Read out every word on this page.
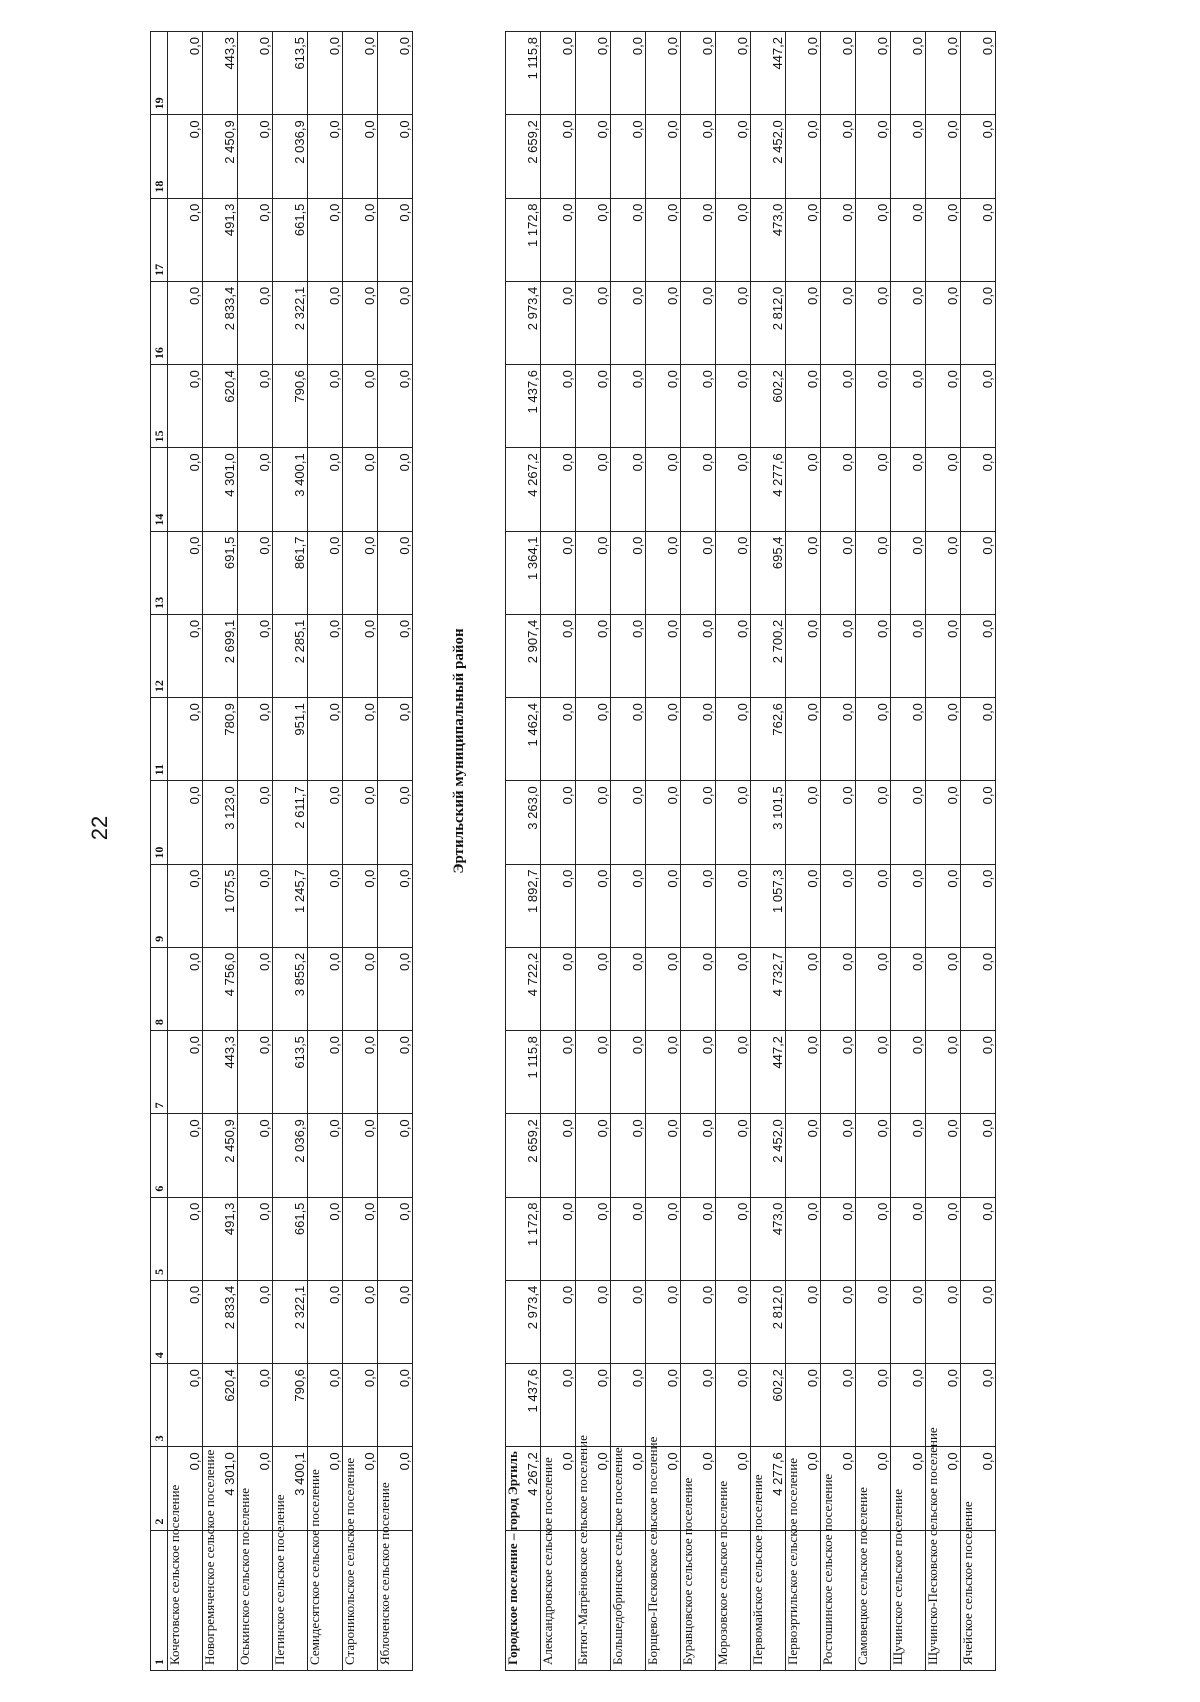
22
1	2	3	4	5	6	7	8	9	10	11	12	13	14	15	16	17	18	19
Кочетовское сельское поселение	0,0	0,0	0,0	0,0	0,0	0,0	0,0	0,0	0,0	0,0	0,0	0,0	0,0	0,0	0,0	0,0	0,0	0,0
Новогремяченское сельское поселение	4 301,0	620,4	2 833,4	491,3	2 450,9	443,3	4 756,0	1 075,5	3 123,0	780,9	2 699,1	691,5	4 301,0	620,4	2 833,4	491,3	2 450,9	443,3
Оськинское сельское поселение	0,0	0,0	0,0	0,0	0,0	0,0	0,0	0,0	0,0	0,0	0,0	0,0	0,0	0,0	0,0	0,0	0,0	0,0
Петинское сельское поселение	3 400,1	790,6	2 322,1	661,5	2 036,9	613,5	3 855,2	1 245,7	2 611,7	951,1	2 285,1	861,7	3 400,1	790,6	2 322,1	661,5	2 036,9	613,5
Семидесятское сельское поселение	0,0	0,0	0,0	0,0	0,0	0,0	0,0	0,0	0,0	0,0	0,0	0,0	0,0	0,0	0,0	0,0	0,0	0,0
Староникольское сельское поселение	0,0	0,0	0,0	0,0	0,0	0,0	0,0	0,0	0,0	0,0	0,0	0,0	0,0	0,0	0,0	0,0	0,0	0,0
Яблоченское сельское поселение	0,0	0,0	0,0	0,0	0,0	0,0	0,0	0,0	0,0	0,0	0,0	0,0	0,0	0,0	0,0	0,0	0,0	0,0
Эртильский муниципальный район
Городское поселение – город Эртиль	4 267,2	1 437,6	2 973,4	1 172,8	2 659,2	1 115,8	4 722,2	1 892,7	3 263,0	1 462,4	2 907,4	1 364,1	4 267,2	1 437,6	2 973,4	1 172,8	2 659,2	1 115,8
Александровское сельское поселение	0,0	0,0	0,0	0,0	0,0	0,0	0,0	0,0	0,0	0,0	0,0	0,0	0,0	0,0	0,0	0,0	0,0	0,0
Битюг-Матрёновское сельское поселение	0,0	0,0	0,0	0,0	0,0	0,0	0,0	0,0	0,0	0,0	0,0	0,0	0,0	0,0	0,0	0,0	0,0	0,0
Большедобринское сельское поселение	0,0	0,0	0,0	0,0	0,0	0,0	0,0	0,0	0,0	0,0	0,0	0,0	0,0	0,0	0,0	0,0	0,0	0,0
Борщево-Песковское сельское поселение	0,0	0,0	0,0	0,0	0,0	0,0	0,0	0,0	0,0	0,0	0,0	0,0	0,0	0,0	0,0	0,0	0,0	0,0
Буравцовское сельское поселение	0,0	0,0	0,0	0,0	0,0	0,0	0,0	0,0	0,0	0,0	0,0	0,0	0,0	0,0	0,0	0,0	0,0	0,0
Морозовское сельское поселение	0,0	0,0	0,0	0,0	0,0	0,0	0,0	0,0	0,0	0,0	0,0	0,0	0,0	0,0	0,0	0,0	0,0	0,0
Первомайское сельское поселение	4 277,6	602,2	2 812,0	473,0	2 452,0	447,2	4 732,7	1 057,3	3 101,5	762,6	2 700,2	695,4	4 277,6	602,2	2 812,0	473,0	2 452,0	447,2
Первоэртильское сельское поселение	0,0	0,0	0,0	0,0	0,0	0,0	0,0	0,0	0,0	0,0	0,0	0,0	0,0	0,0	0,0	0,0	0,0	0,0
Ростошинское сельское поселение	0,0	0,0	0,0	0,0	0,0	0,0	0,0	0,0	0,0	0,0	0,0	0,0	0,0	0,0	0,0	0,0	0,0	0,0
Самовецкое сельское поселение	0,0	0,0	0,0	0,0	0,0	0,0	0,0	0,0	0,0	0,0	0,0	0,0	0,0	0,0	0,0	0,0	0,0	0,0
Щучинское сельское поселение	0,0	0,0	0,0	0,0	0,0	0,0	0,0	0,0	0,0	0,0	0,0	0,0	0,0	0,0	0,0	0,0	0,0	0,0
Щучинско-Песковское сельское поселение	0,0	0,0	0,0	0,0	0,0	0,0	0,0	0,0	0,0	0,0	0,0	0,0	0,0	0,0	0,0	0,0	0,0	0,0
Ячейское сельское поселение	0,0	0,0	0,0	0,0	0,0	0,0	0,0	0,0	0,0	0,0	0,0	0,0	0,0	0,0	0,0	0,0	0,0	0,0
